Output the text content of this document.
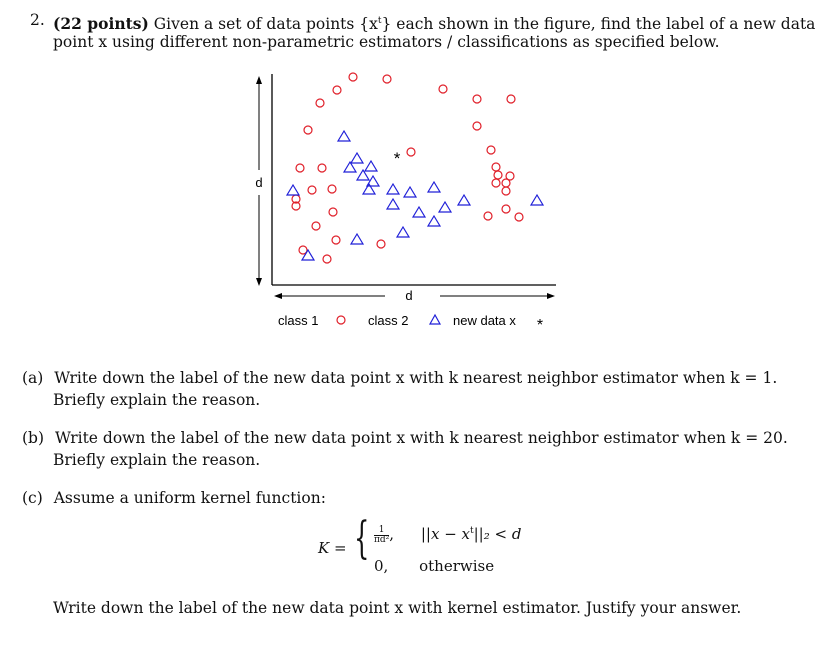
2. (22 points) Given a set of data points $\{x^t\}$ each shown in the figure, find the label of a new data
point x using different non-parametric estimators / classifications as specified below.
d
d
*
class 1	class 2	new data x *
(a) Write down the label of the new data point x with k nearest neighbor estimator when k = 1.
Briefly explain the reason.
(b) Write down the label of the new data point x with k nearest neighbor estimator when k = 20.
Briefly explain the reason.
(c) Assume a uniform kernel function:
K = { $\frac{1}{\text{πd²}}$, $||x - x^t||_2 < d$
0, otherwise
Write down the label of the new data point x with kernel estimator. Justify your answer.
